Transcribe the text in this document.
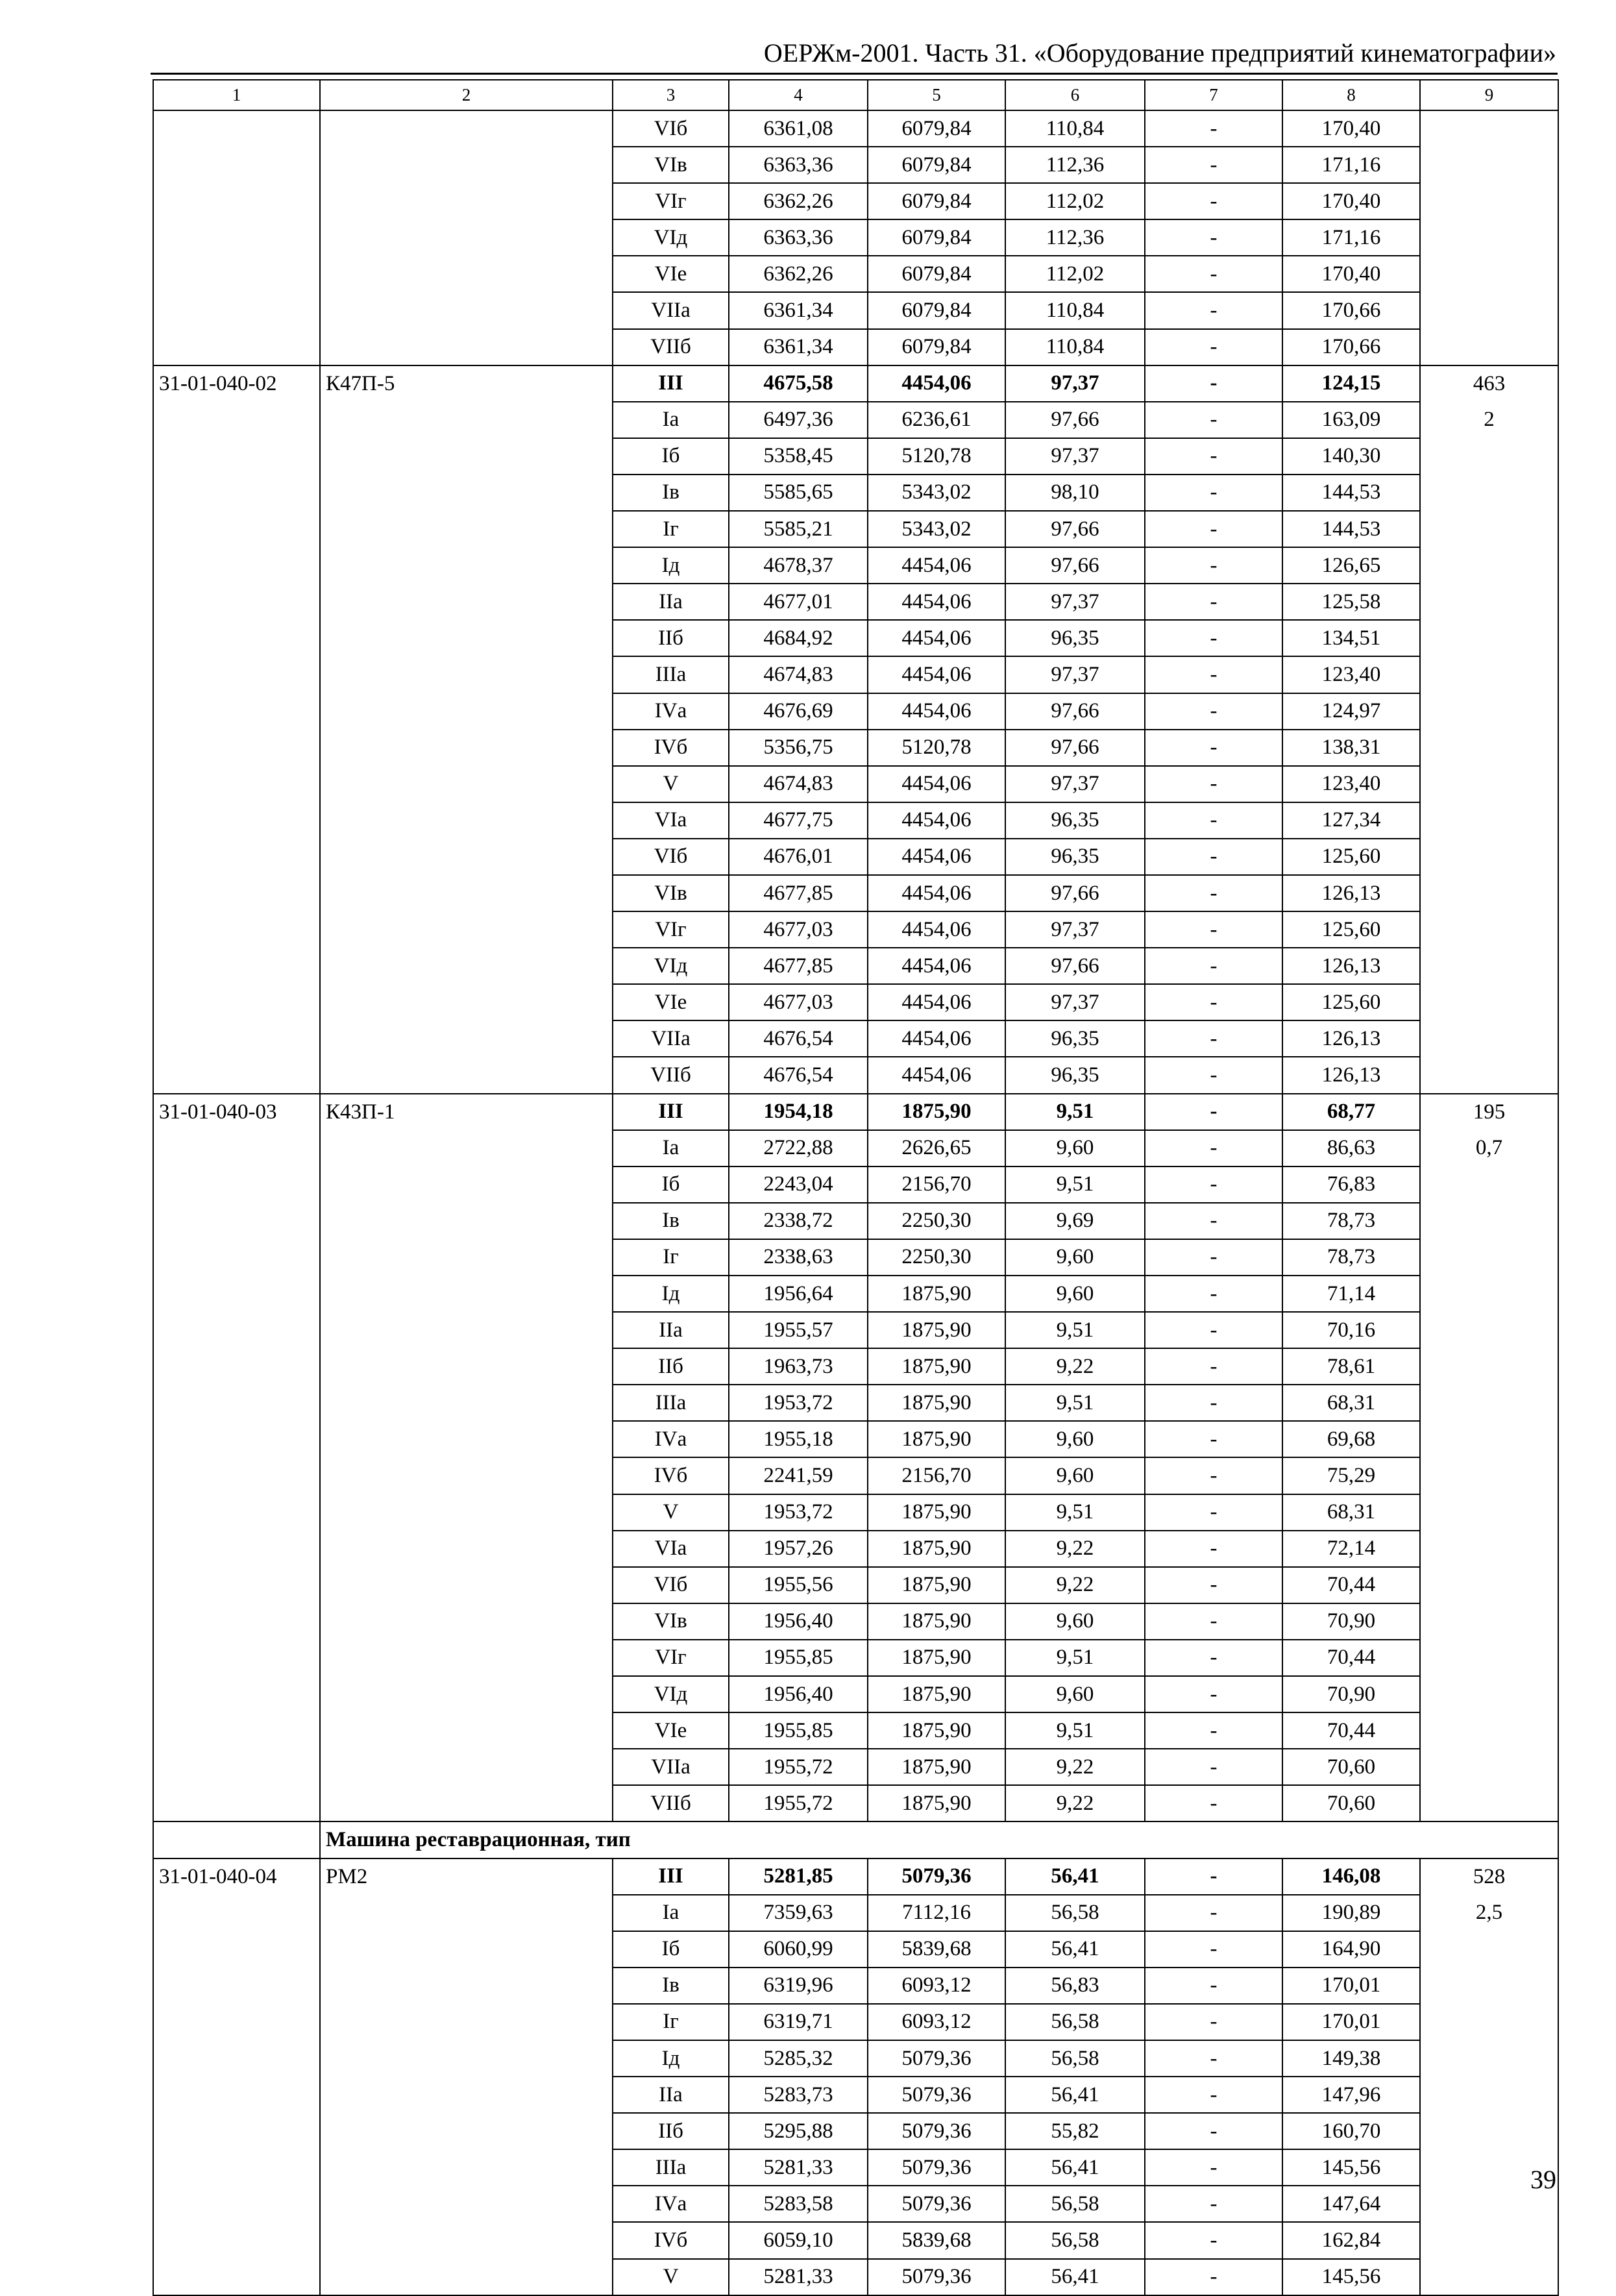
ОЕРЖм-2001. Часть 31. «Оборудование предприятий кинематографии»
1	2	3	4	5	6	7	8	9
		VIб	6361,08	6079,84	110,84	-	170,40	
		VIв	6363,36	6079,84	112,36	-	171,16	
		VIг	6362,26	6079,84	112,02	-	170,40	
		VIд	6363,36	6079,84	112,36	-	171,16	
		VIе	6362,26	6079,84	112,02	-	170,40	
		VIIа	6361,34	6079,84	110,84	-	170,66	
		VIIб	6361,34	6079,84	110,84	-	170,66	
31-01-040-02	К47П-5	III	4675,58	4454,06	97,37	-	124,15	463
		Iа	6497,36	6236,61	97,66	-	163,09	2
		Iб	5358,45	5120,78	97,37	-	140,30	
		Iв	5585,65	5343,02	98,10	-	144,53	
		Iг	5585,21	5343,02	97,66	-	144,53	
		Iд	4678,37	4454,06	97,66	-	126,65	
		IIа	4677,01	4454,06	97,37	-	125,58	
		IIб	4684,92	4454,06	96,35	-	134,51	
		IIIа	4674,83	4454,06	97,37	-	123,40	
		IVа	4676,69	4454,06	97,66	-	124,97	
		IVб	5356,75	5120,78	97,66	-	138,31	
		V	4674,83	4454,06	97,37	-	123,40	
		VIа	4677,75	4454,06	96,35	-	127,34	
		VIб	4676,01	4454,06	96,35	-	125,60	
		VIв	4677,85	4454,06	97,66	-	126,13	
		VIг	4677,03	4454,06	97,37	-	125,60	
		VIд	4677,85	4454,06	97,66	-	126,13	
		VIе	4677,03	4454,06	97,37	-	125,60	
		VIIа	4676,54	4454,06	96,35	-	126,13	
		VIIб	4676,54	4454,06	96,35	-	126,13	
31-01-040-03	К43П-1	III	1954,18	1875,90	9,51	-	68,77	195
		Iа	2722,88	2626,65	9,60	-	86,63	0,7
		Iб	2243,04	2156,70	9,51	-	76,83	
		Iв	2338,72	2250,30	9,69	-	78,73	
		Iг	2338,63	2250,30	9,60	-	78,73	
		Iд	1956,64	1875,90	9,60	-	71,14	
		IIа	1955,57	1875,90	9,51	-	70,16	
		IIб	1963,73	1875,90	9,22	-	78,61	
		IIIа	1953,72	1875,90	9,51	-	68,31	
		IVа	1955,18	1875,90	9,60	-	69,68	
		IVб	2241,59	2156,70	9,60	-	75,29	
		V	1953,72	1875,90	9,51	-	68,31	
		VIа	1957,26	1875,90	9,22	-	72,14	
		VIб	1955,56	1875,90	9,22	-	70,44	
		VIв	1956,40	1875,90	9,60	-	70,90	
		VIг	1955,85	1875,90	9,51	-	70,44	
		VIд	1956,40	1875,90	9,60	-	70,90	
		VIе	1955,85	1875,90	9,51	-	70,44	
		VIIа	1955,72	1875,90	9,22	-	70,60	
		VIIб	1955,72	1875,90	9,22	-	70,60	
	Машина реставрационная, тип							
31-01-040-04	РМ2	III	5281,85	5079,36	56,41	-	146,08	528
		Iа	7359,63	7112,16	56,58	-	190,89	2,5
		Iб	6060,99	5839,68	56,41	-	164,90	
		Iв	6319,96	6093,12	56,83	-	170,01	
		Iг	6319,71	6093,12	56,58	-	170,01	
		Iд	5285,32	5079,36	56,58	-	149,38	
		IIа	5283,73	5079,36	56,41	-	147,96	
		IIб	5295,88	5079,36	55,82	-	160,70	
		IIIа	5281,33	5079,36	56,41	-	145,56	
		IVа	5283,58	5079,36	56,58	-	147,64	
		IVб	6059,10	5839,68	56,58	-	162,84	
		V	5281,33	5079,36	56,41	-	145,56	
39
